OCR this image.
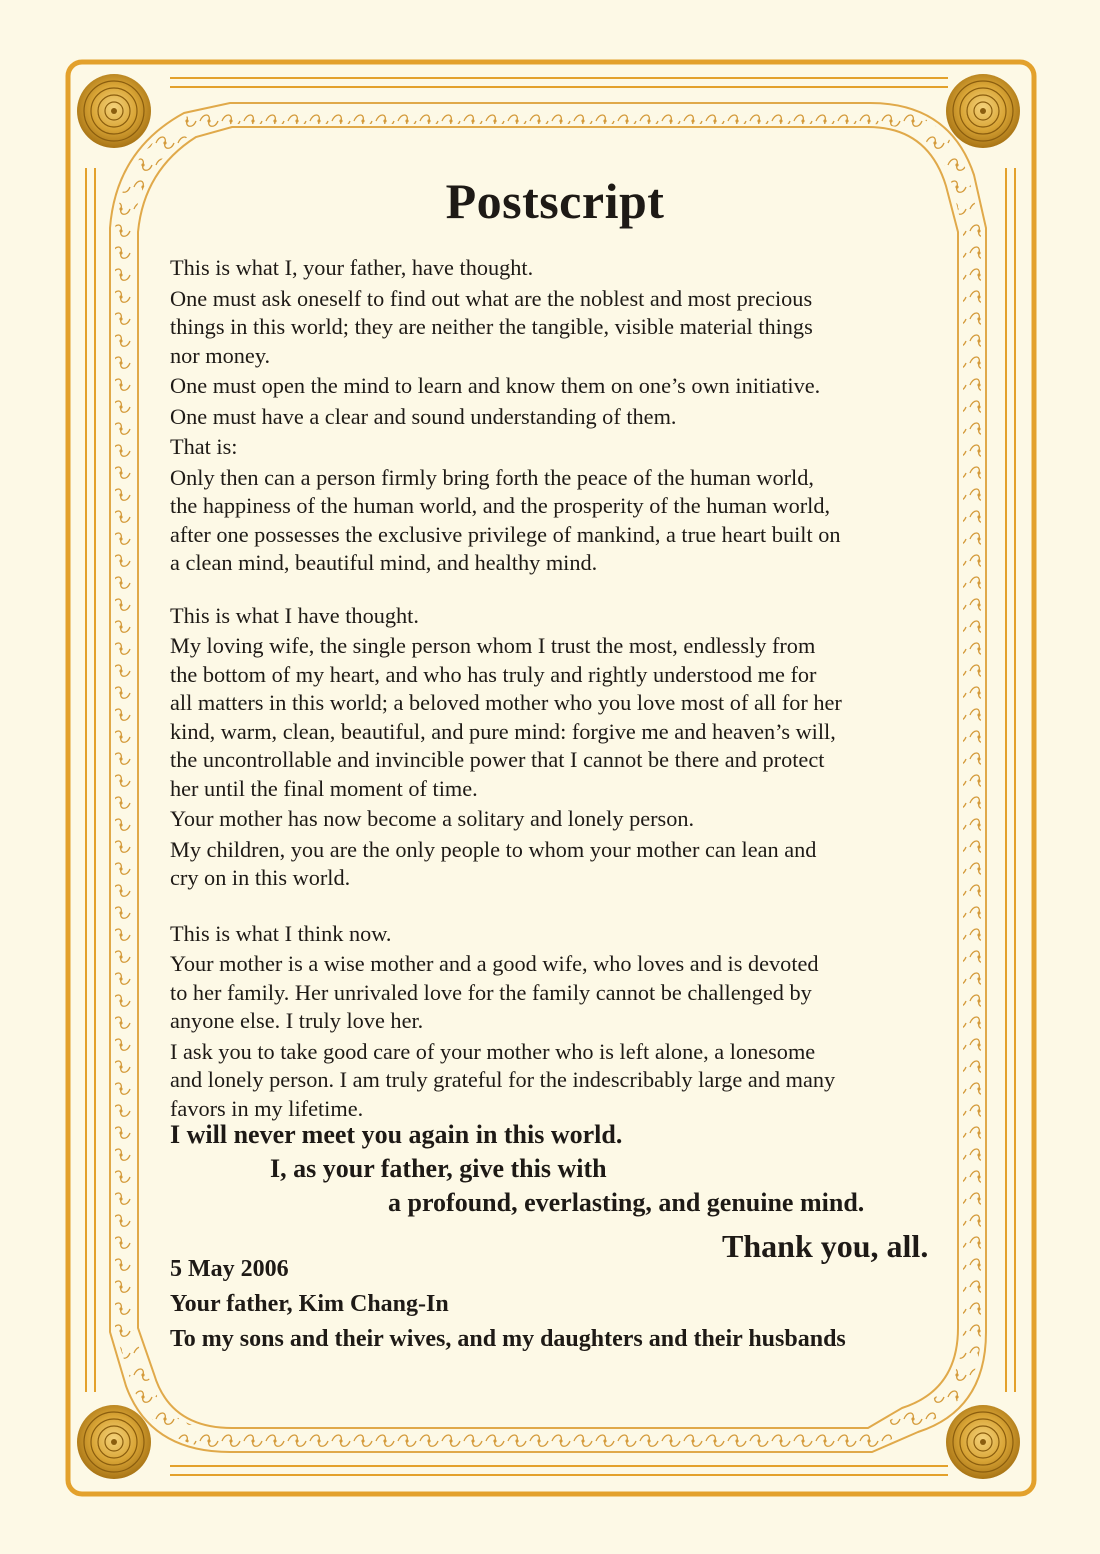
Postscript

This is what I, your father, have thought.

One must ask oneself to find out what are the noblest and most precious
things in this world; they are neither the tangible, visible material things
nor money.

One must open the mind to learn and know them on one’s own initiative.

One must have a clear and sound understanding of them.

That is:

Only then can a person firmly bring forth the peace of the human world,
the happiness of the human world, and the prosperity of the human world,
after one possesses the exclusive privilege of mankind, a true heart built on
a clean mind, beautiful mind, and healthy mind.

This is what I have thought.

My loving wife, the single person whom I trust the most, endlessly from
the bottom of my heart, and who has truly and rightly understood me for
all matters in this world; a beloved mother who you love most of all for her
kind, warm, clean, beautiful, and pure mind: forgive me and heaven’s will,
the uncontrollable and invincible power that I cannot be there and protect
her until the final moment of time.

Your mother has now become a solitary and lonely person.

My children, you are the only people to whom your mother can lean and
cry on in this world.

This is what I think now.

Your mother is a wise mother and a good wife, who loves and is devoted
to her family. Her unrivaled love for the family cannot be challenged by
anyone else. I truly love her.

I ask you to take good care of your mother who is left alone, a lonesome
and lonely person. I am truly grateful for the indescribably large and many
favors in my lifetime.

I will never meet you again in this world.
I, as your father, give this with
a profound, everlasting, and genuine mind.
Thank you, all.
5 May 2006
Your father, Kim Chang-In
To my sons and their wives, and my daughters and their husbands
